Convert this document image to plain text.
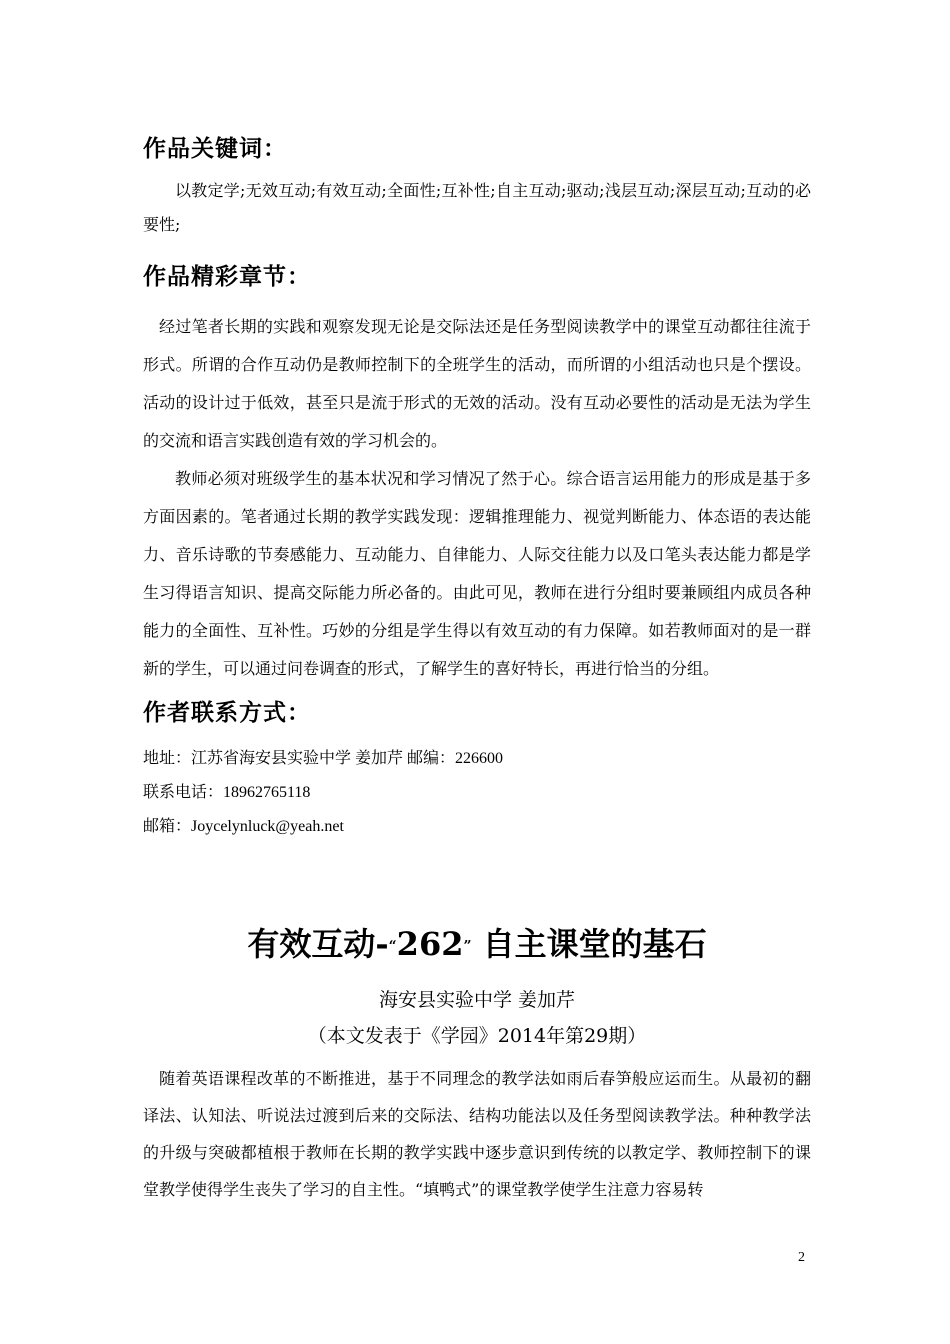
作品关键词：

以教定学;无效互动;有效互动;全面性;互补性;自主互动;驱动;浅层互动;深层互动;互动的必要性;

作品精彩章节：

经过笔者长期的实践和观察发现无论是交际法还是任务型阅读教学中的课堂互动都往往流于形式。所谓的合作互动仍是教师控制下的全班学生的活动，而所谓的小组活动也只是个摆设。活动的设计过于低效，甚至只是流于形式的无效的活动。没有互动必要性的活动是无法为学生的交流和语言实践创造有效的学习机会的。

教师必须对班级学生的基本状况和学习情况了然于心。综合语言运用能力的形成是基于多方面因素的。笔者通过长期的教学实践发现：逻辑推理能力、视觉判断能力、体态语的表达能力、音乐诗歌的节奏感能力、互动能力、自律能力、人际交往能力以及口笔头表达能力都是学生习得语言知识、提高交际能力所必备的。由此可见，教师在进行分组时要兼顾组内成员各种能力的全面性、互补性。巧妙的分组是学生得以有效互动的有力保障。如若教师面对的是一群新的学生，可以通过问卷调查的形式，了解学生的喜好特长，再进行恰当的分组。

作者联系方式：

地址：江苏省海安县实验中学 姜加芹 邮编：226600

联系电话：18962765118

邮箱：Joycelynluck@yeah.net

有效互动-“262” 自主课堂的基石

海安县实验中学 姜加芹

（本文发表于《学园》2014年第29期）

随着英语课程改革的不断推进，基于不同理念的教学法如雨后春笋般应运而生。从最初的翻译法、认知法、听说法过渡到后来的交际法、结构功能法以及任务型阅读教学法。种种教学法的升级与突破都植根于教师在长期的教学实践中逐步意识到传统的以教定学、教师控制下的课堂教学使得学生丧失了学习的自主性。“填鸭式”的课堂教学使学生注意力容易转

2
